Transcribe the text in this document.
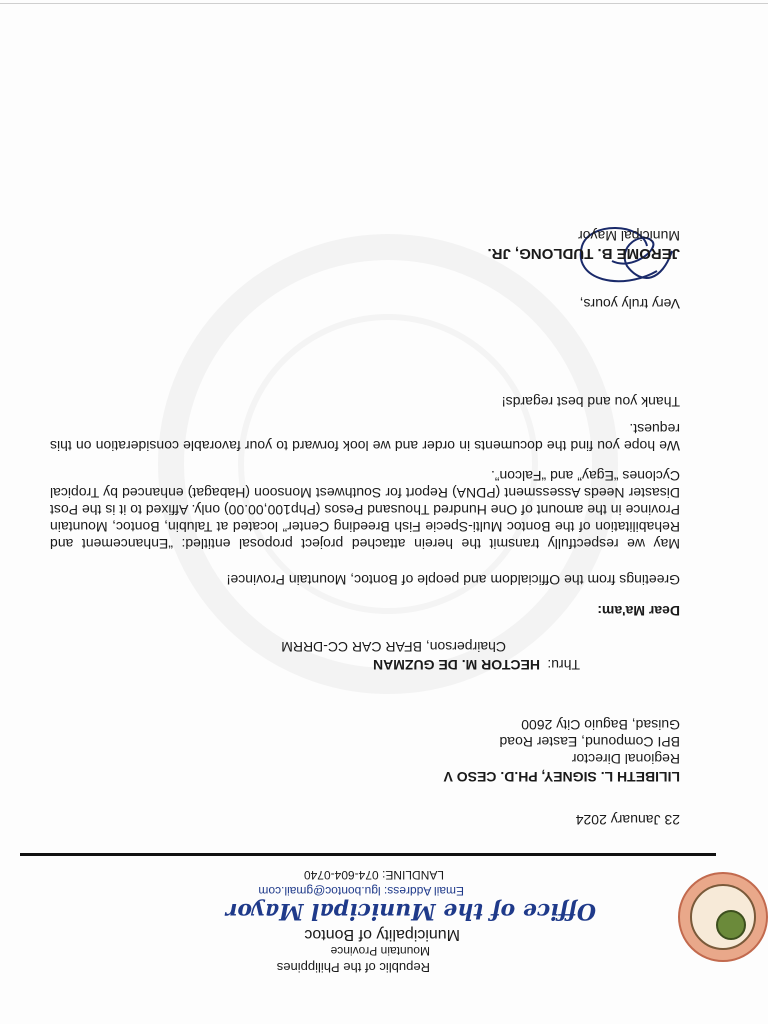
Republic of the Philippines
Mountain Province
Municipality of Bontoc
Office of the Municipal Mayor
Email Address: lgu.bontoc@gmail.com
LANDLINE: 074-604-0740
23 January 2024
LILIBETH L. SIGNEY, PH.D. CESO V
Regional Director
BPI Compound, Easter Road
Guisad, Baguio City 2600
Thru:
HECTOR M. DE GUZMAN
Chairperson, BFAR CAR CC-DRRM
Dear Ma'am:
Greetings from the Officialdom and people of Bontoc, Mountain Province!
May we respectfully transmit the herein attached project proposal entitled: “Enhancement and Rehabilitation of the Bontoc Multi-Specie Fish Breeding Center” located at Talubin, Bontoc, Mountain Province in the amount of One Hundred Thousand Pesos (Php100,00.00) only. Affixed to it is the Post Disaster Needs Assessment (PDNA) Report for Southwest Monsoon (Habagat) enhanced by Tropical Cyclones “Egay” and “Falcon”.
We hope you find the documents in order and we look forward to your favorable consideration on this request.
Thank you and best regards!
Very truly yours,
JEROME B. TUDLONG, JR.
Municipal Mayor
